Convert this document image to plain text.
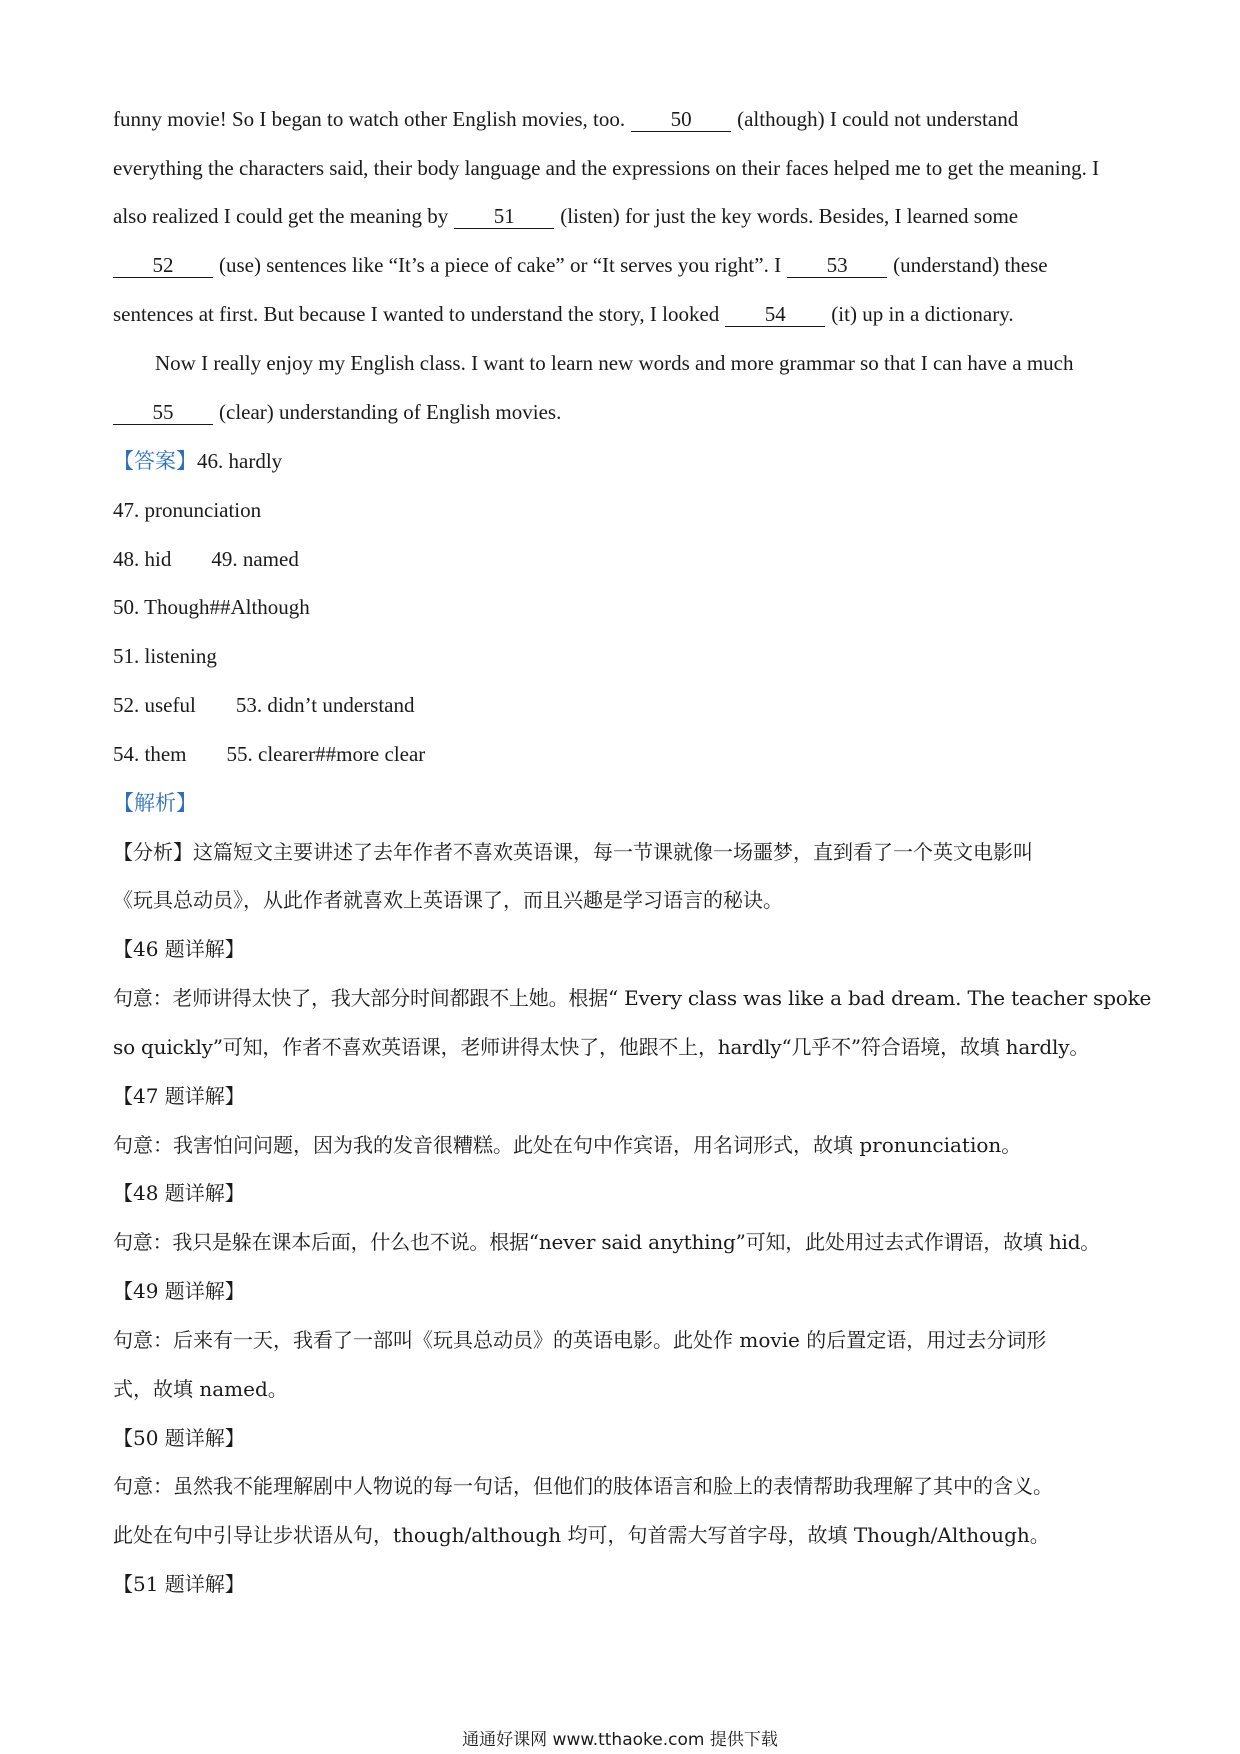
funny movie! So I began to watch other English movies, too. 50 (although) I could not understand
everything the characters said, their body language and the expressions on their faces helped me to get the meaning. I
also realized I could get the meaning by 51 (listen) for just the key words. Besides, I learned some
52 (use) sentences like “It’s a piece of cake” or “It serves you right”. I 53 (understand) these
sentences at first. But because I wanted to understand the story, I looked 54 (it) up in a dictionary.
Now I really enjoy my English class. I want to learn new words and more grammar so that I can have a much
55 (clear) understanding of English movies.
【答案】46. hardly
47. pronunciation
48. hid 49. named
50. Though##Although
51. listening
52. useful 53. didn’t understand
54. them 55. clearer##more clear
【解析】
【分析】这篇短文主要讲述了去年作者不喜欢英语课，每一节课就像一场噩梦，直到看了一个英文电影叫
《玩具总动员》，从此作者就喜欢上英语课了，而且兴趣是学习语言的秘诀。
【46 题详解】
句意：老师讲得太快了，我大部分时间都跟不上她。根据“ Every class was like a bad dream. The teacher spoke
so quickly”可知，作者不喜欢英语课，老师讲得太快了，他跟不上，hardly“几乎不”符合语境，故填 hardly。
【47 题详解】
句意：我害怕问问题，因为我的发音很糟糕。此处在句中作宾语，用名词形式，故填 pronunciation。
【48 题详解】
句意：我只是躲在课本后面，什么也不说。根据“never said anything”可知，此处用过去式作谓语，故填 hid。
【49 题详解】
句意：后来有一天，我看了一部叫《玩具总动员》的英语电影。此处作 movie 的后置定语，用过去分词形
式，故填 named。
【50 题详解】
句意：虽然我不能理解剧中人物说的每一句话，但他们的肢体语言和脸上的表情帮助我理解了其中的含义。
此处在句中引导让步状语从句，though/although 均可，句首需大写首字母，故填 Though/Although。
【51 题详解】
通通好课网 www.tthaoke.com 提供下载
